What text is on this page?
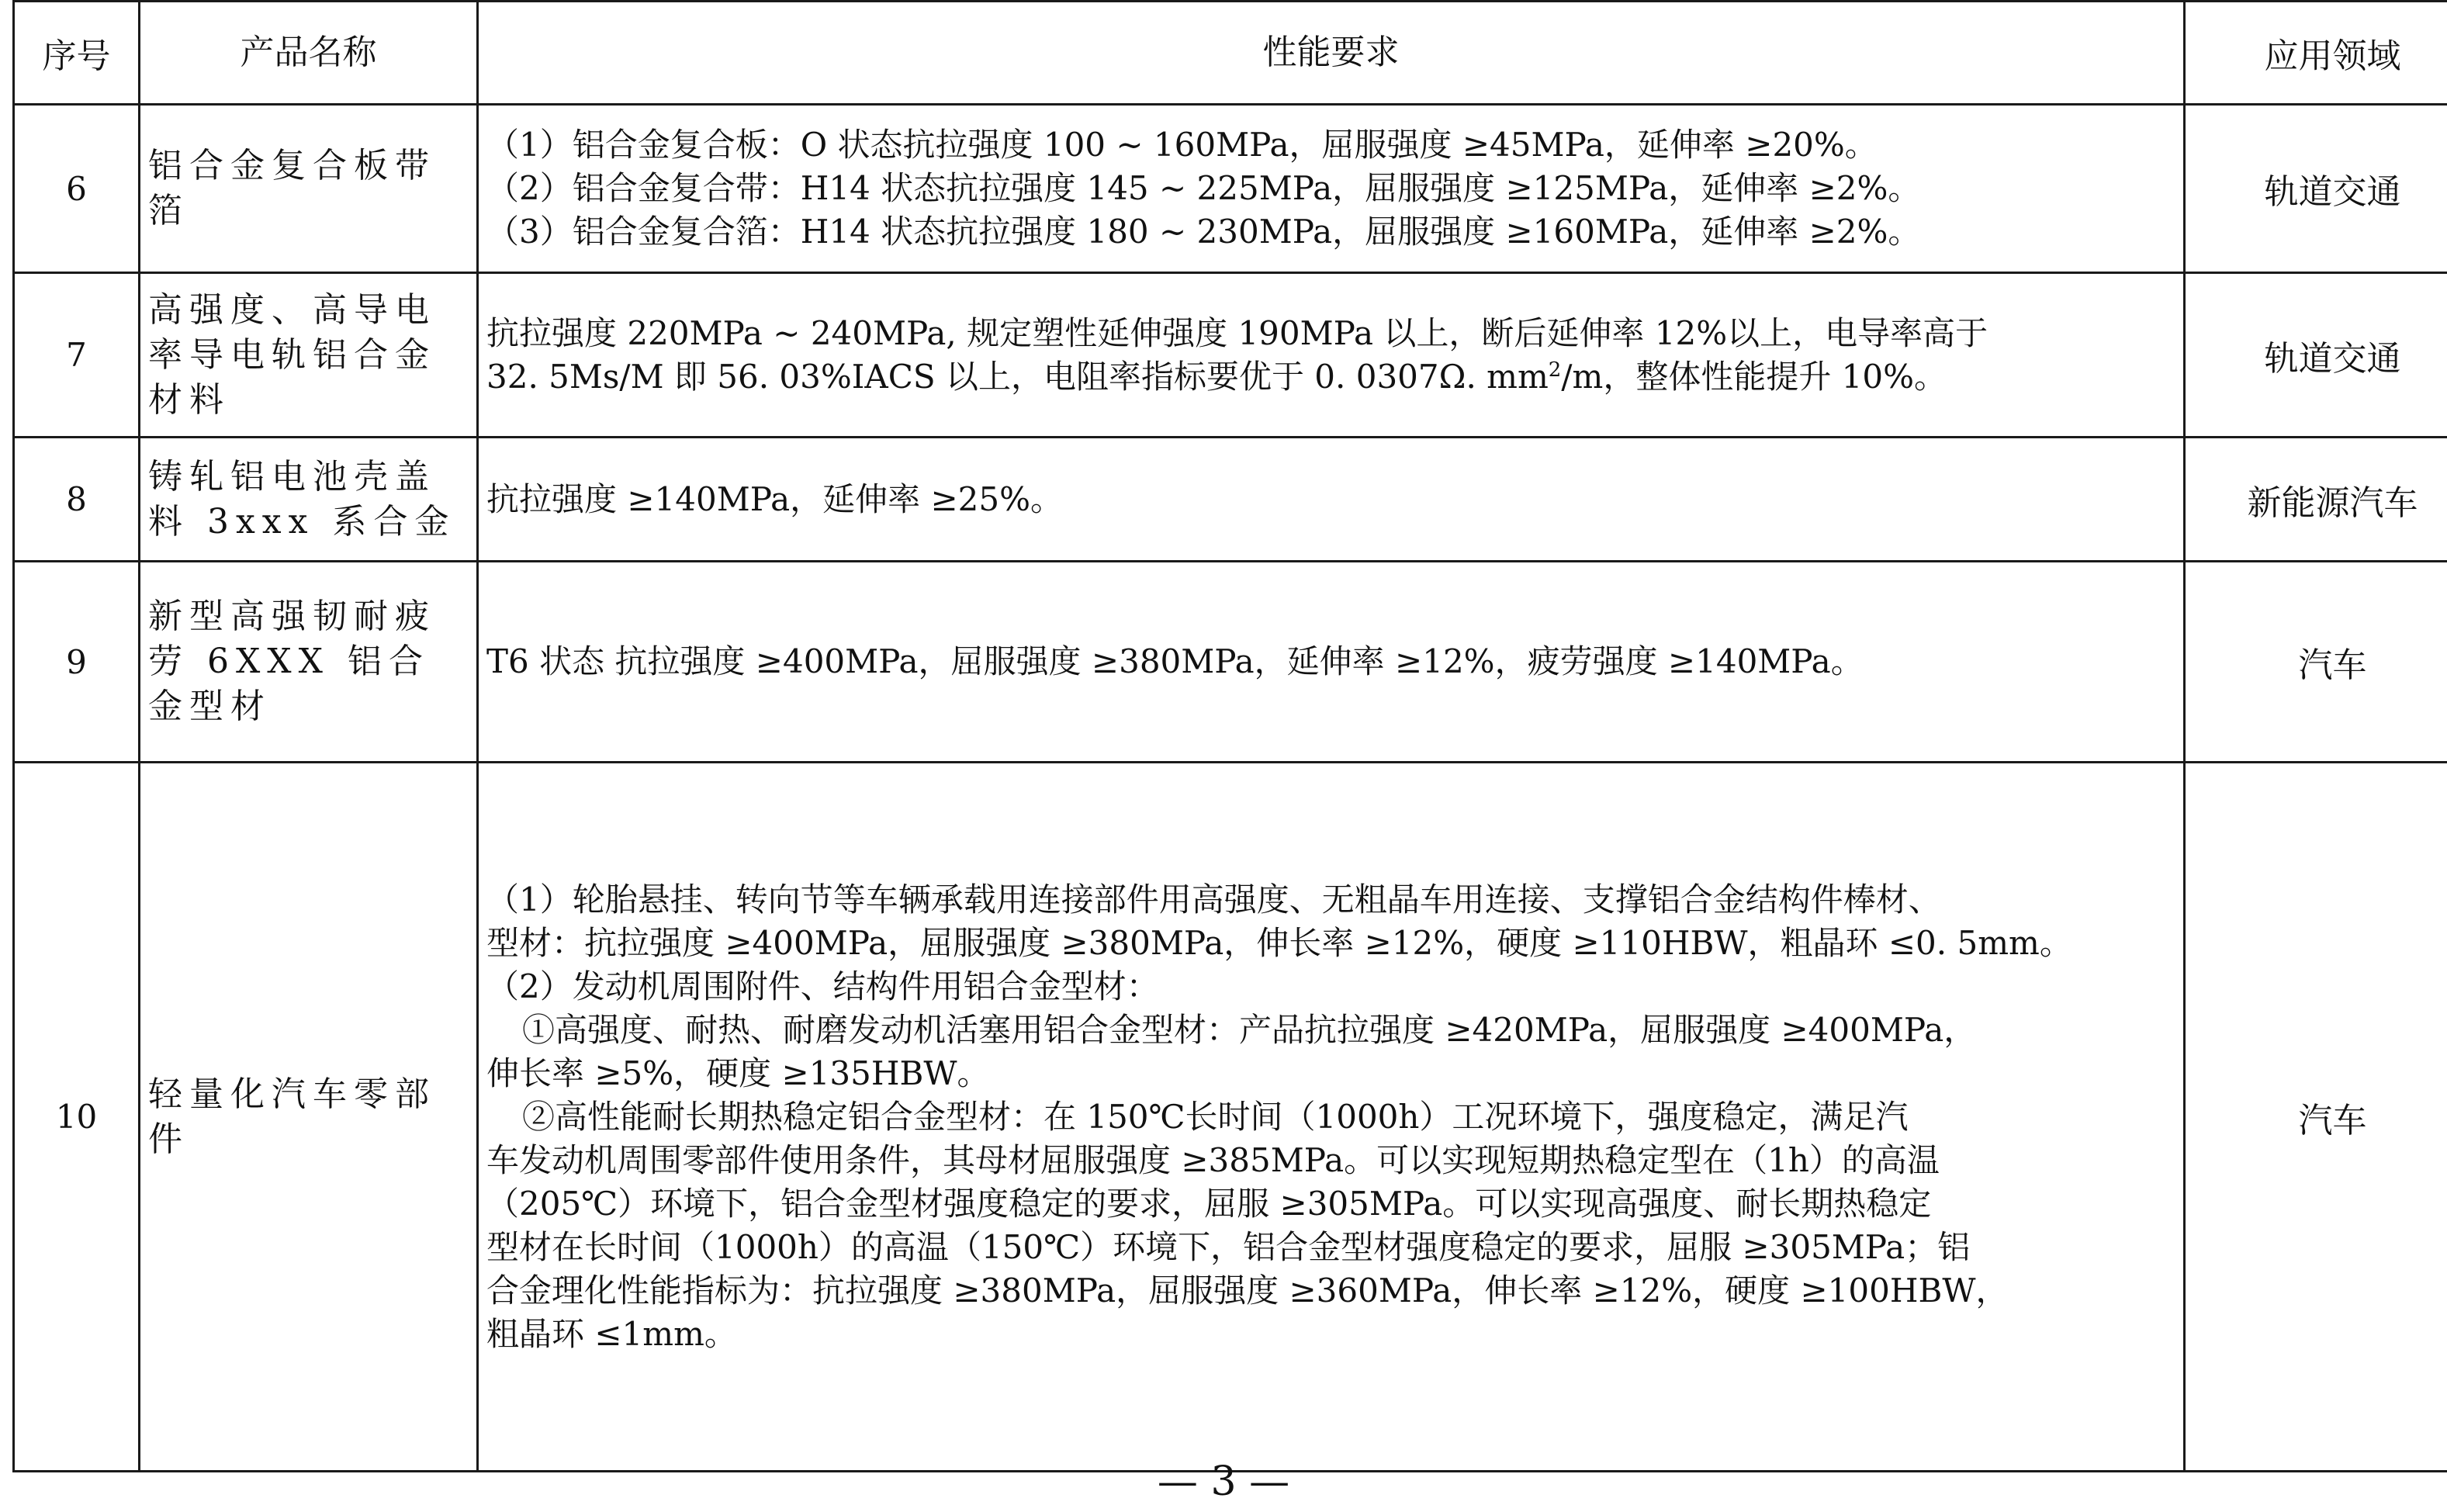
序号	产品名称	性能要求	应用领域
6	铝合金复合板带箔	（1）铝合金复合板：O 状态抗拉强度 100 ~ 160MPa，屈服强度 ≥45MPa，延伸率 ≥20%。
（2）铝合金复合带：H14 状态抗拉强度 145 ~ 225MPa，屈服强度 ≥125MPa，延伸率 ≥2%。
（3）铝合金复合箔：H14 状态抗拉强度 180 ~ 230MPa，屈服强度 ≥160MPa，延伸率 ≥2%。	轨道交通
7	高强度、高导电率导电轨铝合金材料	抗拉强度 220MPa ~ 240MPa, 规定塑性延伸强度 190MPa 以上，断后延伸率 12%以上，电导率高于
32. 5Ms/M 即 56. 03%IACS 以上，电阻率指标要优于 0. 0307Ω. $mm^2/m$，整体性能提升 10%。	轨道交通
8	铸轧铝电池壳盖料 3xxx 系合金	抗拉强度 ≥140MPa，延伸率 ≥25%。	新能源汽车
9	新型高强韧耐疲劳 6XXX 铝合金型材	T6 状态 抗拉强度 ≥400MPa，屈服强度 ≥380MPa，延伸率 ≥12%，疲劳强度 ≥140MPa。	汽车
10	轻量化汽车零部件	
（1）轮胎悬挂、转向节等车辆承载用连接部件用高强度、无粗晶车用连接、支撑铝合金结构件棒材、
型材：抗拉强度 ≥400MPa，屈服强度 ≥380MPa，伸长率 ≥12%，硬度 ≥110HBW，粗晶环 ≤0. 5mm。
（2）发动机周围附件、结构件用铝合金型材：
①高强度、耐热、耐磨发动机活塞用铝合金型材：产品抗拉强度 ≥420MPa，屈服强度 ≥400MPa，
伸长率 ≥5%，硬度 ≥135HBW。
②高性能耐长期热稳定铝合金型材：在 150℃长时间（1000h）工况环境下，强度稳定，满足汽
车发动机周围零部件使用条件，其母材屈服强度 ≥385MPa。可以实现短期热稳定型在（1h）的高温
（205℃）环境下，铝合金型材强度稳定的要求，屈服 ≥305MPa。可以实现高强度、耐长期热稳定
型材在长时间（1000h）的高温（150℃）环境下，铝合金型材强度稳定的要求，屈服 ≥305MPa；铝
合金理化性能指标为：抗拉强度 ≥380MPa，屈服强度 ≥360MPa，伸长率 ≥12%，硬度 ≥100HBW，
粗晶环 ≤1mm。
	汽车
— 3 —
